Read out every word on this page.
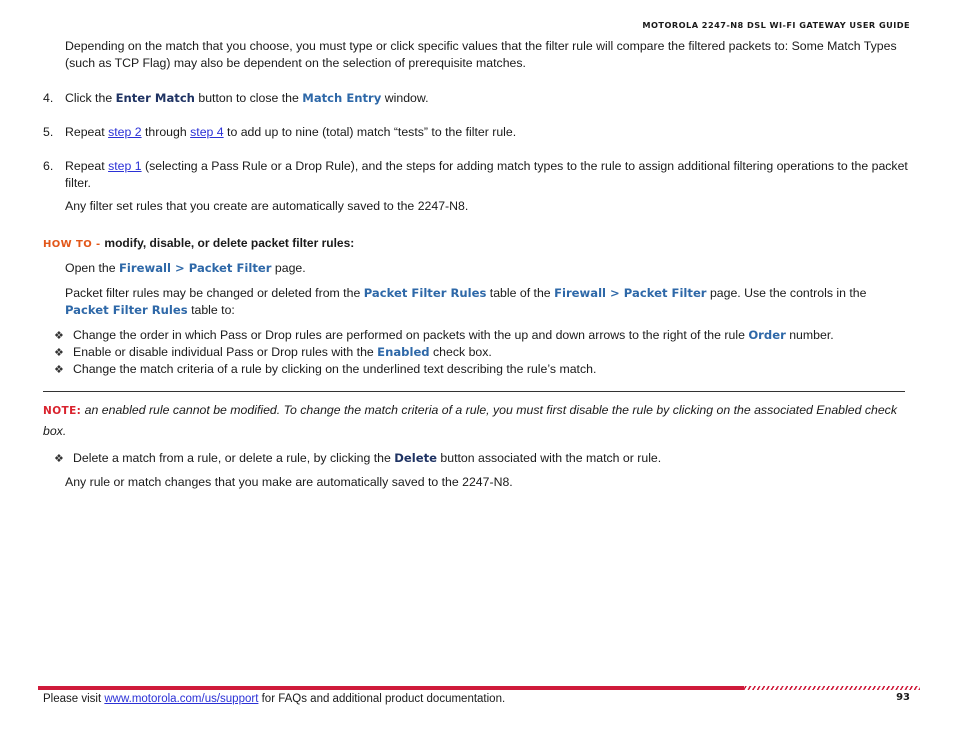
MOTOROLA 2247-N8 DSL WI-FI GATEWAY USER GUIDE
Depending on the match that you choose, you must type or click specific values that the filter rule will compare the filtered packets to: Some Match Types (such as TCP Flag) may also be dependent on the selection of prerequisite matches.
4. Click the Enter Match button to close the Match Entry window.
5. Repeat step 2 through step 4 to add up to nine (total) match “tests” to the filter rule.
6. Repeat step 1 (selecting a Pass Rule or a Drop Rule), and the steps for adding match types to the rule to assign additional filtering operations to the packet filter.
Any filter set rules that you create are automatically saved to the 2247-N8.
HOW TO - modify, disable, or delete packet filter rules:
Open the Firewall > Packet Filter page.
Packet filter rules may be changed or deleted from the Packet Filter Rules table of the Firewall > Packet Filter page. Use the controls in the Packet Filter Rules table to:
❖ Change the order in which Pass or Drop rules are performed on packets with the up and down arrows to the right of the rule Order number.
❖ Enable or disable individual Pass or Drop rules with the Enabled check box.
❖ Change the match criteria of a rule by clicking on the underlined text describing the rule’s match.
NOTE: an enabled rule cannot be modified. To change the match criteria of a rule, you must first disable the rule by clicking on the associated Enabled check box.
❖ Delete a match from a rule, or delete a rule, by clicking the Delete button associated with the match or rule.
Any rule or match changes that you make are automatically saved to the 2247-N8.
Please visit www.motorola.com/us/support for FAQs and additional product documentation.	93
